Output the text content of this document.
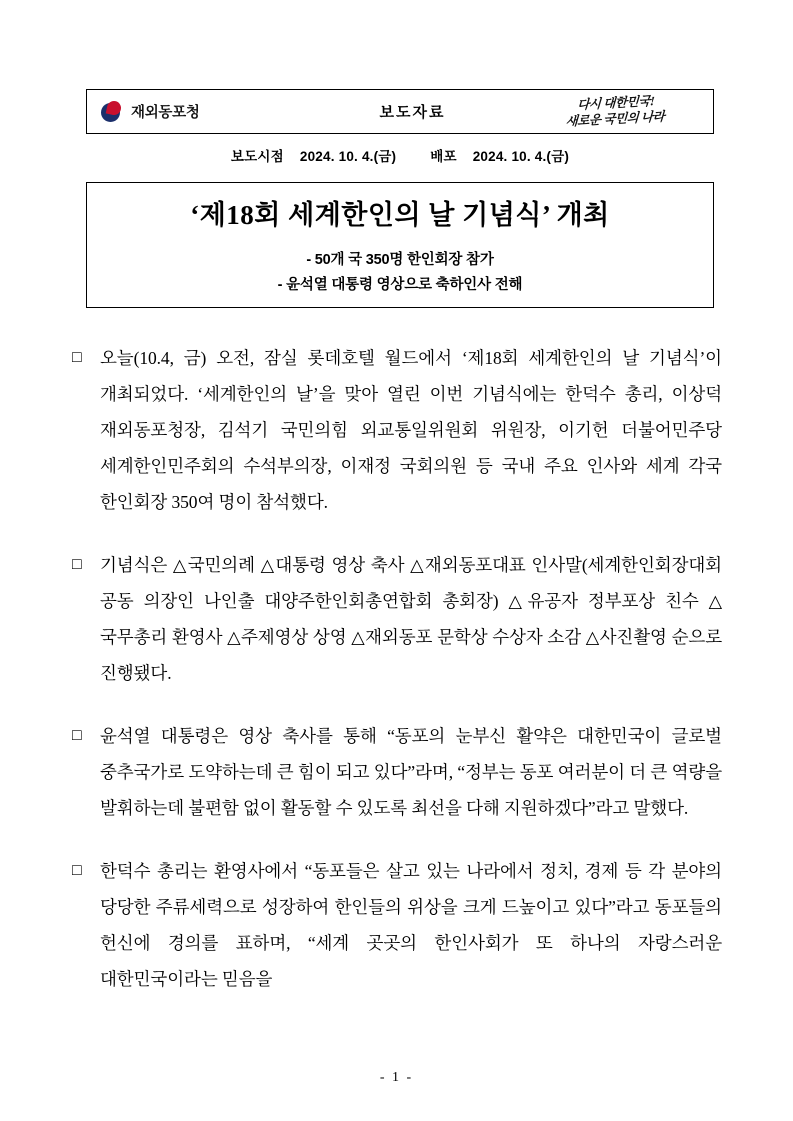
재외동포청	보도자료
다시 대한민국!
새로운 국민의 나라
보도시점 2024. 10. 4.(금)	배포 2024. 10. 4.(금)
‘제18회 세계한인의 날 기념식’ 개최
- 50개 국 350명 한인회장 참가
- 윤석열 대통령 영상으로 축하인사 전해
□	오늘(10.4, 금) 오전, 잠실 롯데호텔 월드에서 ‘제18회 세계한인의 날 기념식’이 개최되었다. ‘세계한인의 날’을 맞아 열린 이번 기념식에는 한덕수 총리, 이상덕 재외동포청장, 김석기 국민의힘 외교통일위원회 위원장, 이기헌 더불어민주당 세계한인민주회의 수석부의장, 이재정 국회의원 등 국내 주요 인사와 세계 각국 한인회장 350여 명이 참석했다.
□	기념식은 △국민의례 △대통령 영상 축사 △재외동포대표 인사말(세계한인회장대회 공동 의장인 나인출 대양주한인회총연합회 총회장) △유공자 정부포상 친수 △국무총리 환영사 △주제영상 상영 △재외동포 문학상 수상자 소감 △사진촬영 순으로 진행됐다.
□	윤석열 대통령은 영상 축사를 통해 “동포의 눈부신 활약은 대한민국이 글로벌 중추국가로 도약하는데 큰 힘이 되고 있다”라며, “정부는 동포 여러분이 더 큰 역량을 발휘하는데 불편함 없이 활동할 수 있도록 최선을 다해 지원하겠다”라고 말했다.
□	한덕수 총리는 환영사에서 “동포들은 살고 있는 나라에서 정치, 경제 등 각 분야의 당당한 주류세력으로 성장하여 한인들의 위상을 크게 드높이고 있다”라고 동포들의 헌신에 경의를 표하며, “세계 곳곳의 한인사회가 또 하나의 자랑스러운 대한민국이라는 믿음을
- 1 -
